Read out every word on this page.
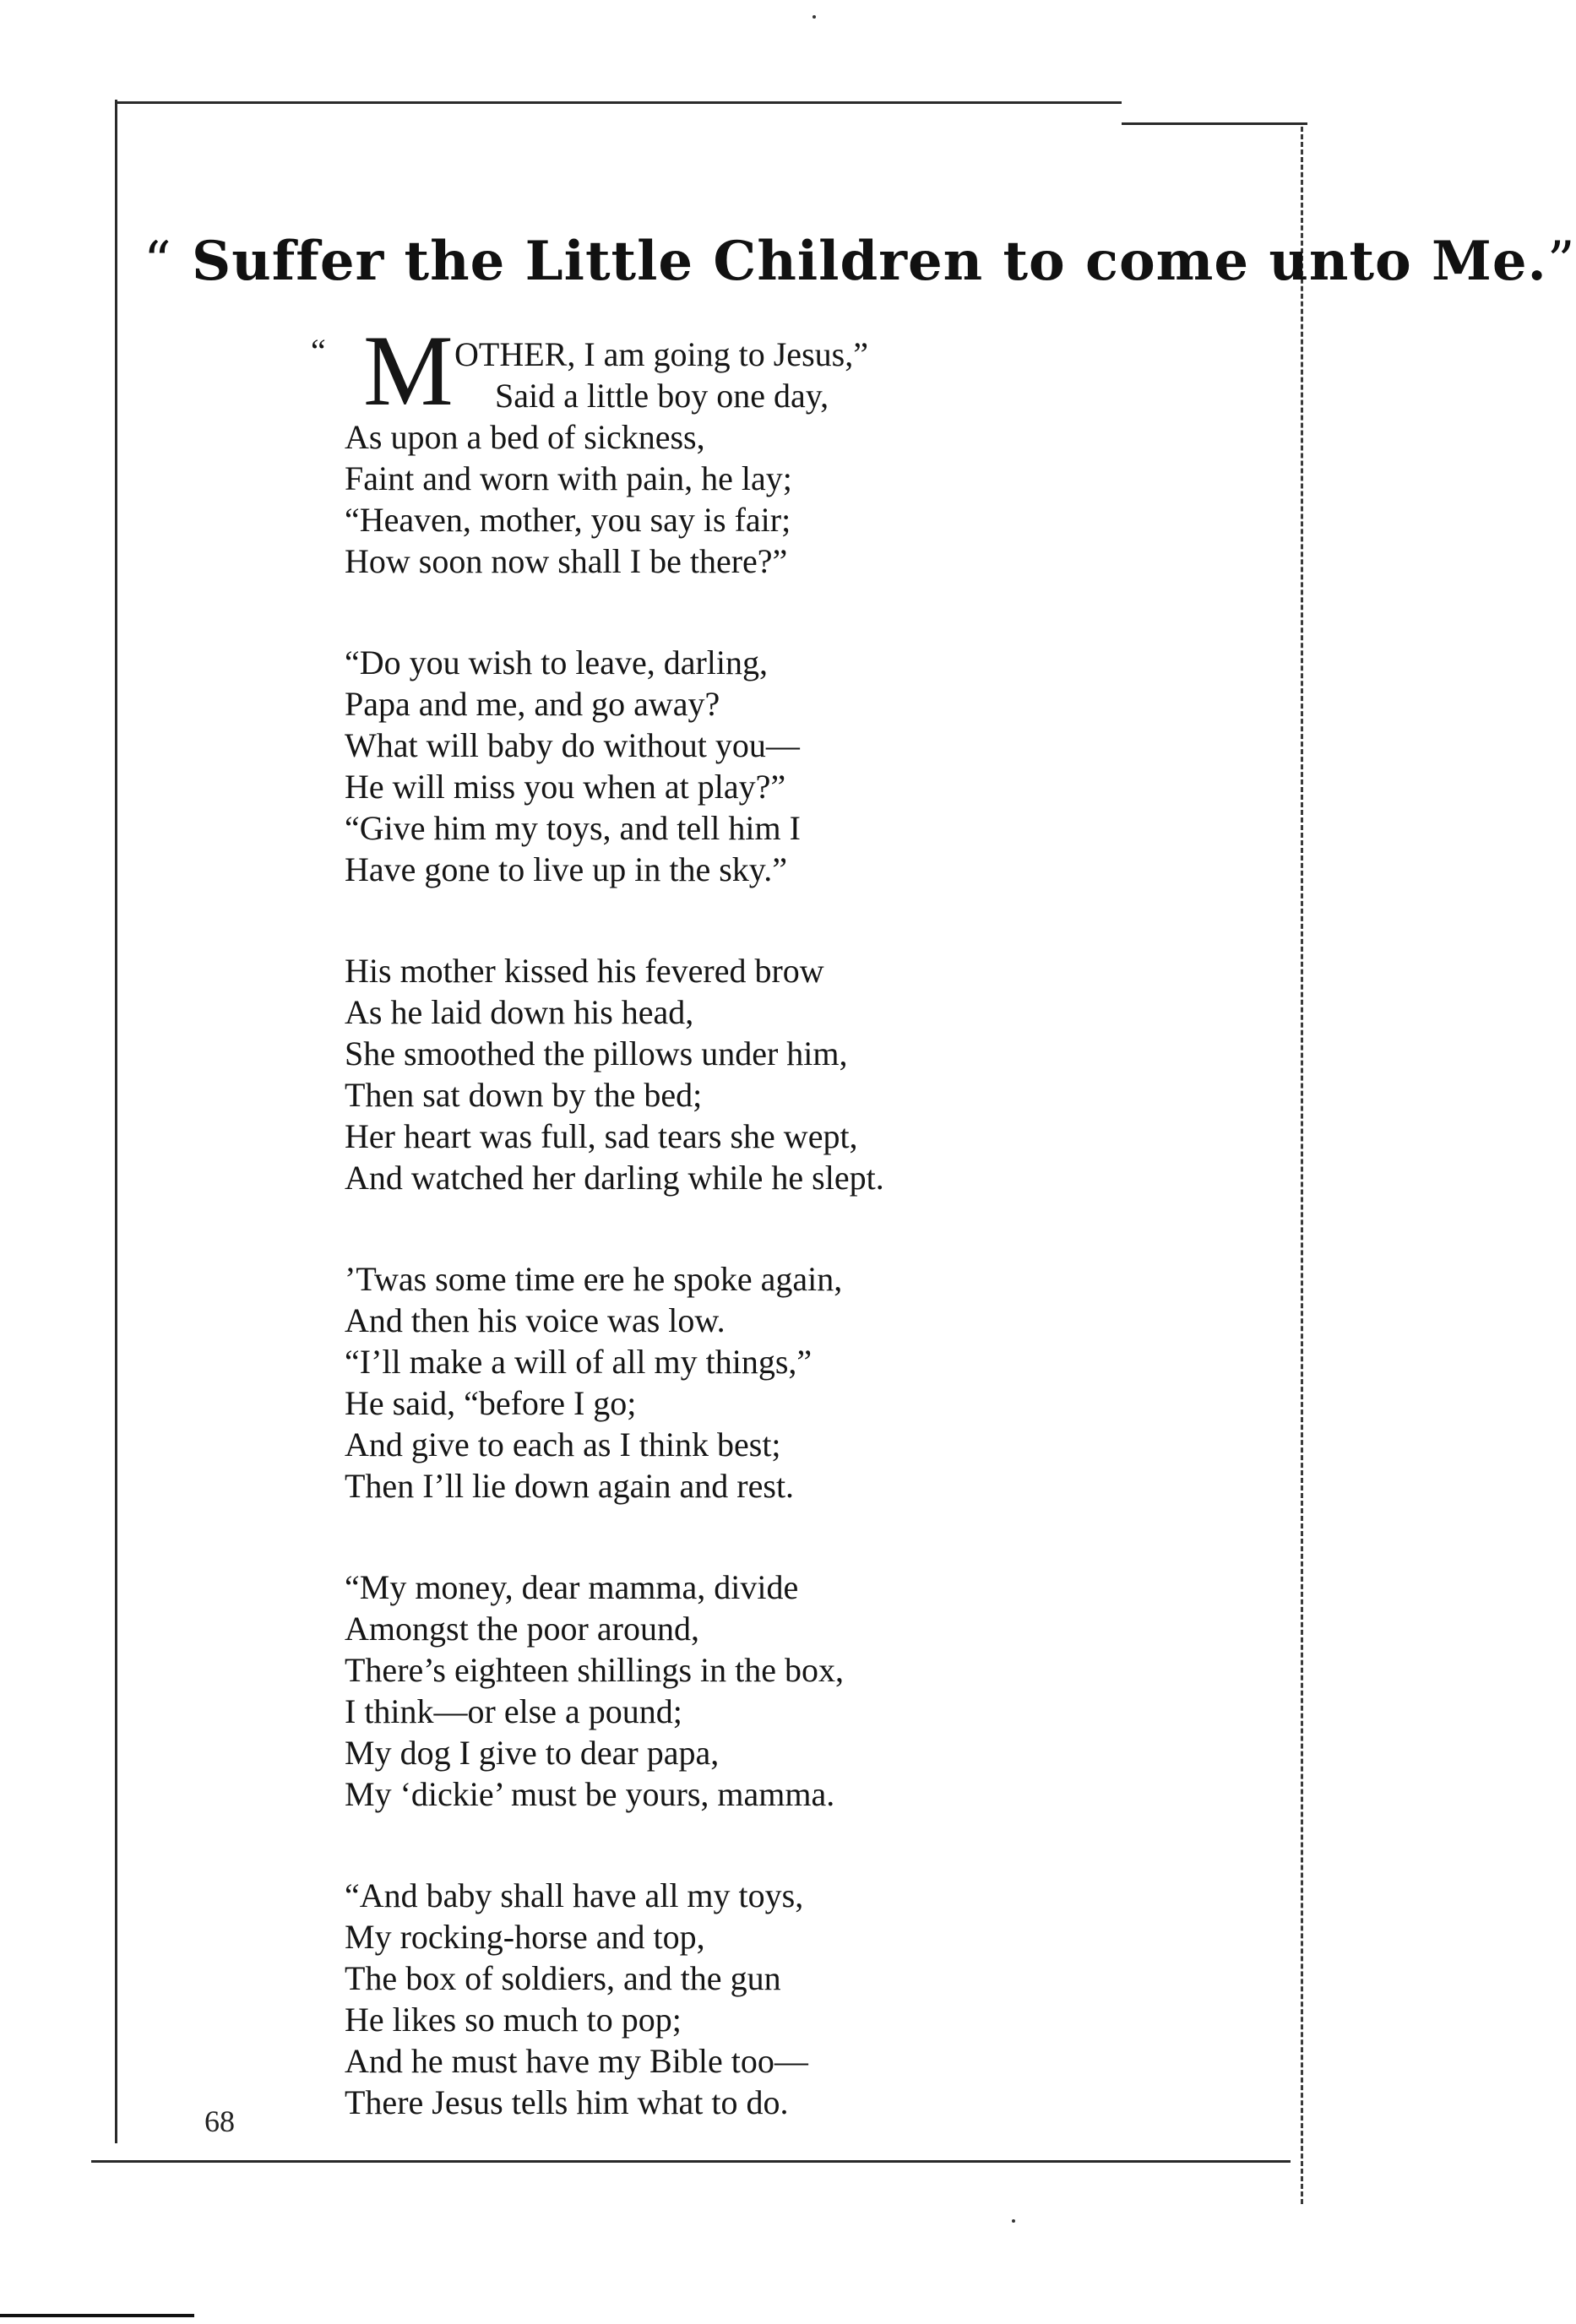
“ Suffer the Little Children to come unto Me.”
“ M OTHER, I am going to Jesus,”
Said a little boy one day,
As upon a bed of sickness,
Faint and worn with pain, he lay;
“Heaven, mother, you say is fair;
How soon now shall I be there?”
“Do you wish to leave, darling,
Papa and me, and go away?
What will baby do without you—
He will miss you when at play?”
“Give him my toys, and tell him I
Have gone to live up in the sky.”
His mother kissed his fevered brow
As he laid down his head,
She smoothed the pillows under him,
Then sat down by the bed;
Her heart was full, sad tears she wept,
And watched her darling while he slept.
’Twas some time ere he spoke again,
And then his voice was low.
“I’ll make a will of all my things,”
He said, “before I go;
And give to each as I think best;
Then I’ll lie down again and rest.
“My money, dear mamma, divide
Amongst the poor around,
There’s eighteen shillings in the box,
I think—or else a pound;
My dog I give to dear papa,
My ‘dickie’ must be yours, mamma.
“And baby shall have all my toys,
My rocking-horse and top,
The box of soldiers, and the gun
He likes so much to pop;
And he must have my Bible too—
There Jesus tells him what to do.
68
